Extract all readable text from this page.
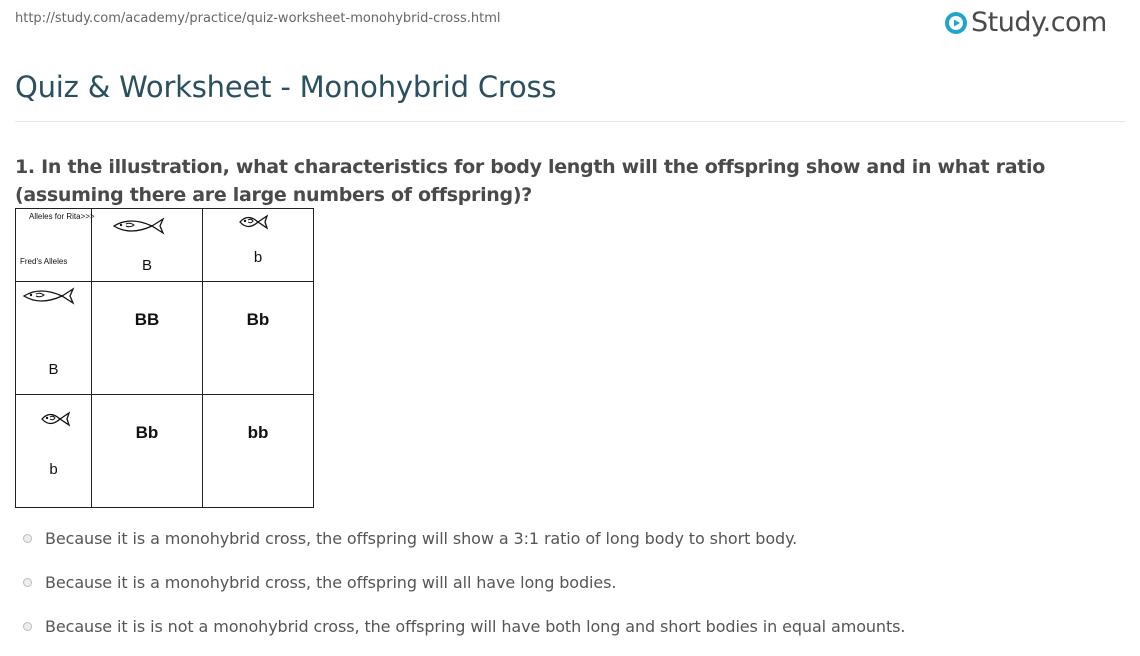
http://study.com/academy/practice/quiz-worksheet-monohybrid-cross.html	Study.com
Quiz & Worksheet - Monohybrid Cross
1. In the illustration, what characteristics for body length will the offspring show and in what ratio (assuming there are large numbers of offspring)?
Alleles for Rita>>>
Fred's Alleles	B	b

B	BB	Bb

b	Bb	bb
Because it is a monohybrid cross, the offspring will show a 3:1 ratio of long body to short body.
Because it is a monohybrid cross, the offspring will all have long bodies.
Because it is is not a monohybrid cross, the offspring will have both long and short bodies in equal amounts.
